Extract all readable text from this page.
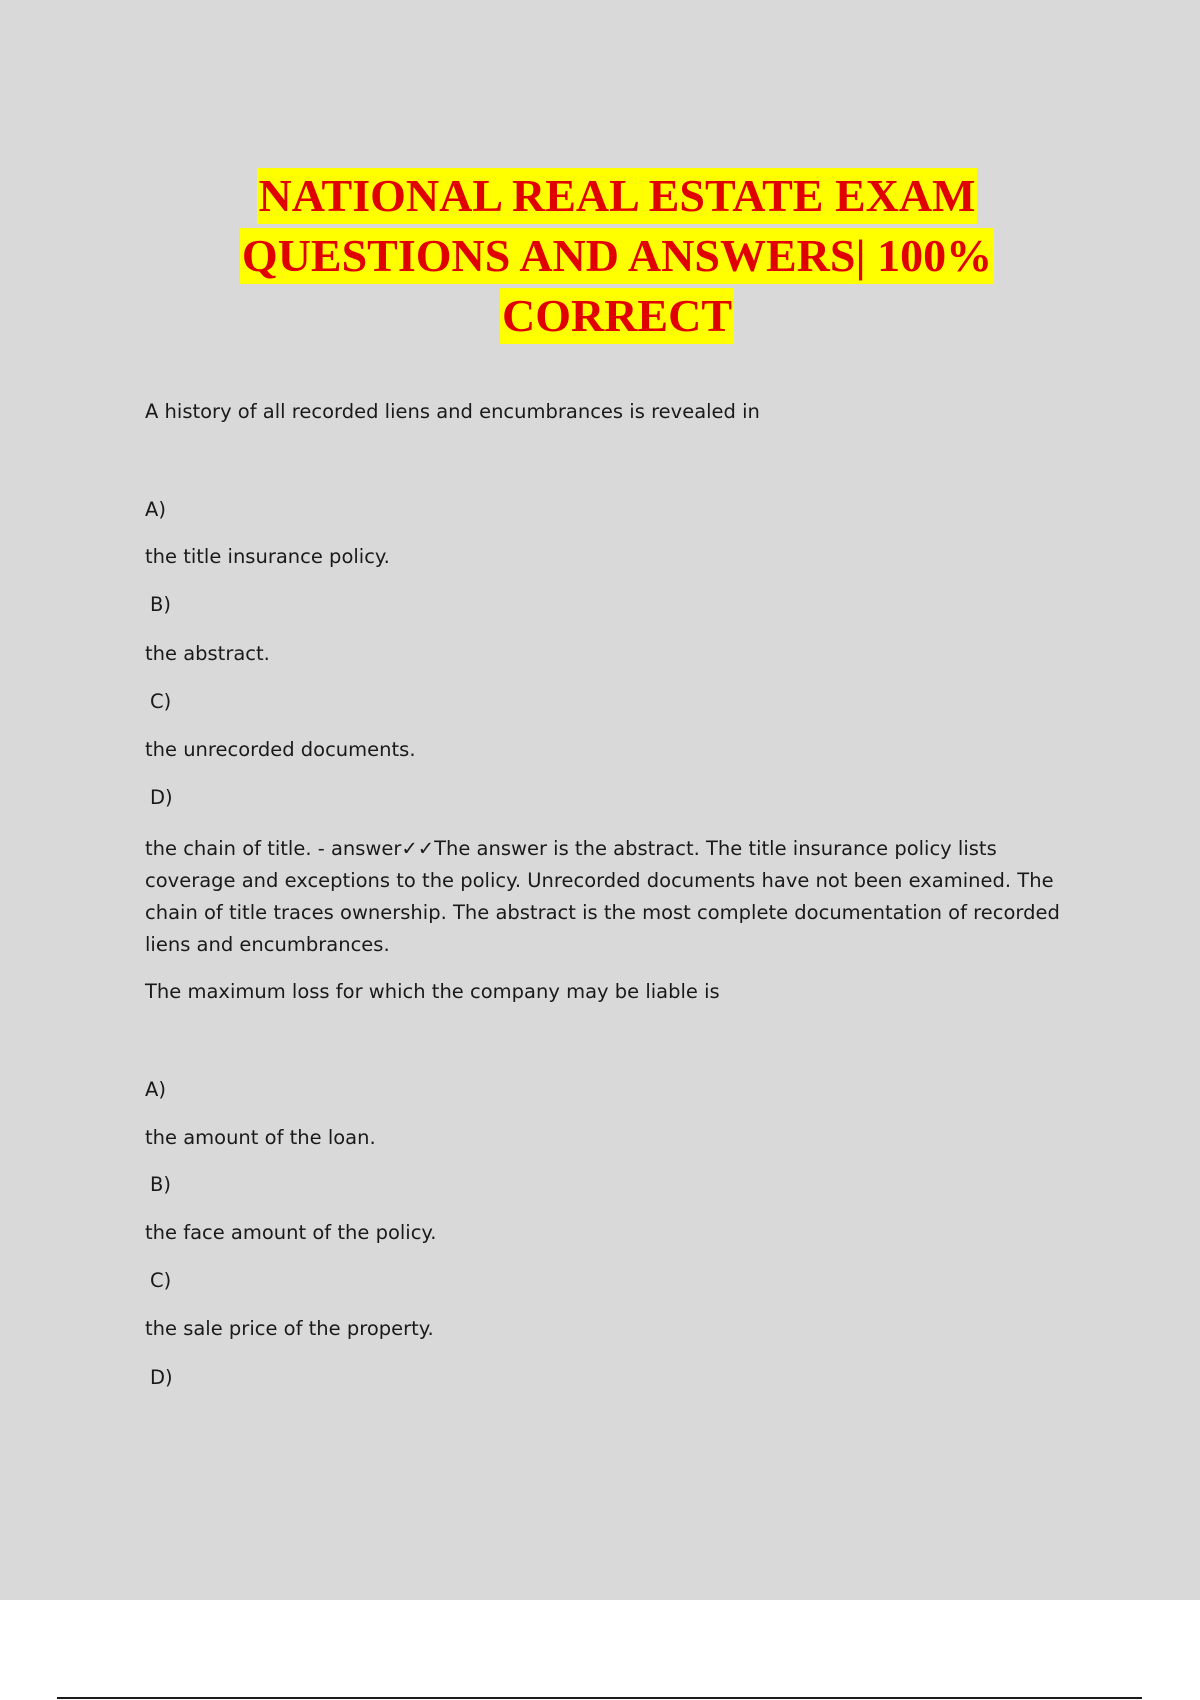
NATIONAL REAL ESTATE EXAM
QUESTIONS AND ANSWERS| 100%
CORRECT
A history of all recorded liens and encumbrances is revealed in
A)
the title insurance policy.
B)
the abstract.
C)
the unrecorded documents.
D)
the chain of title. - answer✓✓The answer is the abstract. The title insurance policy lists
coverage and exceptions to the policy. Unrecorded documents have not been examined. The
chain of title traces ownership. The abstract is the most complete documentation of recorded
liens and encumbrances.
The maximum loss for which the company may be liable is
A)
the amount of the loan.
B)
the face amount of the policy.
C)
the sale price of the property.
D)
